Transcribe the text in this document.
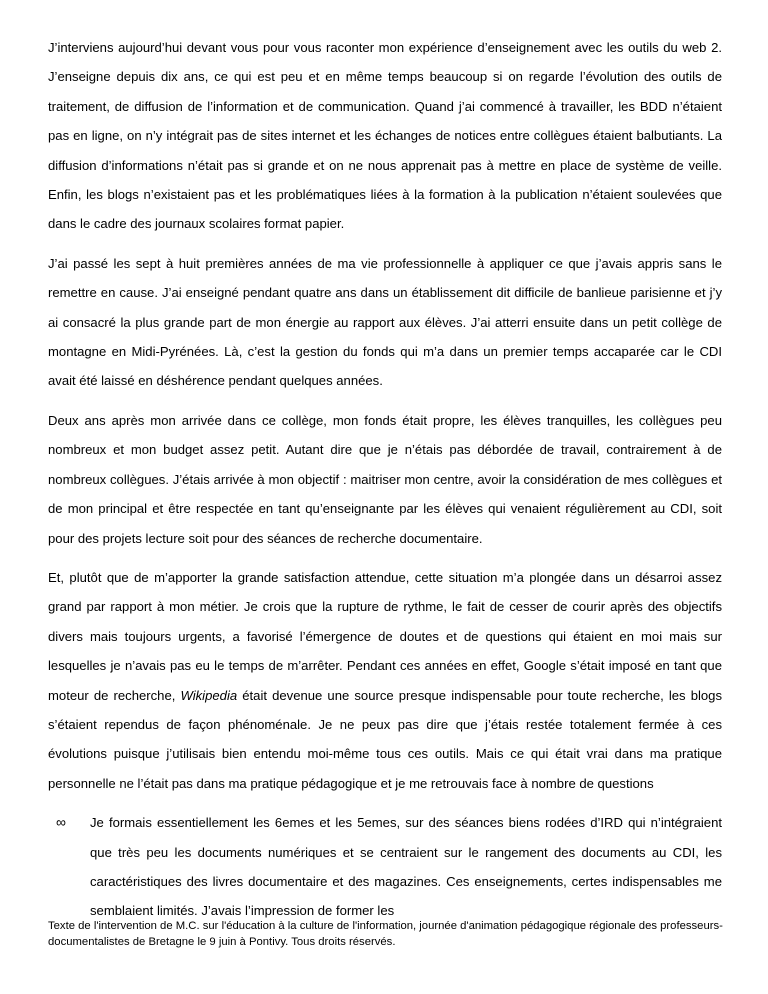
J’interviens aujourd’hui devant vous pour vous raconter mon expérience d’enseignement avec les outils du web 2. J’enseigne depuis dix ans, ce qui est peu et en même temps beaucoup si on regarde l’évolution des outils de traitement, de diffusion de l’information et de communication. Quand j’ai commencé à travailler, les BDD n’étaient pas en ligne, on n’y intégrait pas de sites internet et les échanges de notices entre collègues étaient balbutiants. La diffusion d’informations n’était pas si grande et on ne nous apprenait pas à mettre en place de système de veille. Enfin, les blogs n’existaient pas et les problématiques liées à la formation à la publication n’étaient soulevées que dans le cadre des journaux scolaires format papier.

J’ai passé les sept à huit premières années de ma vie professionnelle à appliquer ce que j’avais appris sans le remettre en cause. J’ai enseigné pendant quatre ans dans un établissement dit difficile de banlieue parisienne et j’y ai consacré la plus grande part de mon énergie au rapport aux élèves. J’ai atterri ensuite dans un petit collège de montagne en Midi-Pyrénées. Là, c’est la gestion du fonds qui m’a dans un premier temps accaparée car le CDI avait été laissé en déshérence pendant quelques années.

Deux ans après mon arrivée dans ce collège, mon fonds était propre, les élèves tranquilles, les collègues peu nombreux et mon budget assez petit. Autant dire que je n’étais pas débordée de travail, contrairement à de nombreux collègues. J’étais arrivée à mon objectif : maitriser mon centre, avoir la considération de mes collègues et de mon principal et être respectée en tant qu’enseignante par les élèves qui venaient régulièrement au CDI, soit pour des projets lecture soit pour des séances de recherche documentaire.

Et, plutôt que de m’apporter la grande satisfaction attendue, cette situation m’a plongée dans un désarroi assez grand par rapport à mon métier. Je crois que la rupture de rythme, le fait de cesser de courir après des objectifs divers mais toujours urgents, a favorisé l’émergence de doutes et de questions qui étaient en moi mais sur lesquelles je n’avais pas eu le temps de m’arrêter. Pendant ces années en effet, Google s’était imposé en tant que moteur de recherche, Wikipedia était devenue une source presque indispensable pour toute recherche, les blogs s’étaient rependus de façon phénoménale. Je ne peux pas dire que j’étais restée totalement fermée à ces évolutions puisque j’utilisais bien entendu moi-même tous ces outils. Mais ce qui était vrai dans ma pratique personnelle ne l’était pas dans ma pratique pédagogique et je me retrouvais face à nombre de questions

∞ Je formais essentiellement les 6emes et les 5emes, sur des séances biens rodées d’IRD qui n’intégraient que très peu les documents numériques et se centraient sur le rangement des documents au CDI, les caractéristiques des livres documentaire et des magazines. Ces enseignements, certes indispensables me semblaient limités. J’avais l’impression de former les
Texte de l'intervention de M.C. sur l'éducation à la culture de l'information, journée d'animation pédagogique régionale des professeurs-documentalistes de Bretagne le 9 juin à Pontivy. Tous droits réservés.
